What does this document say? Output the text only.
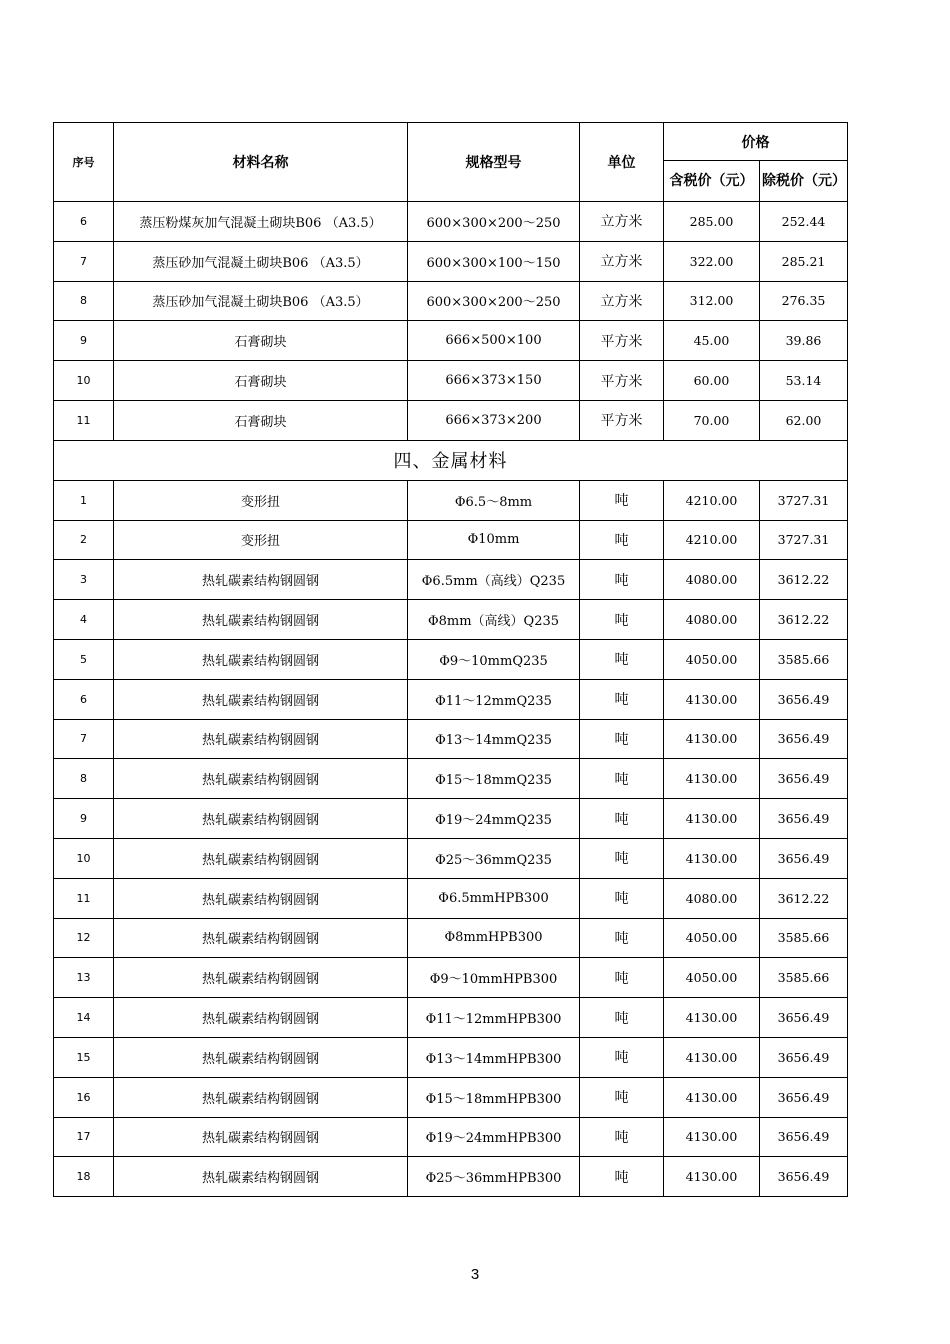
序号	材料名称	规格型号	单位	价格	
				含税价（元）	除税价（元）
6	蒸压粉煤灰加气混凝土砌块B06 （A3.5）	600×300×200～250	立方米	285.00	252.44
7	蒸压砂加气混凝土砌块B06 （A3.5）	600×300×100～150	立方米	322.00	285.21
8	蒸压砂加气混凝土砌块B06 （A3.5）	600×300×200～250	立方米	312.00	276.35
9	石膏砌块	666×500×100	平方米	45.00	39.86
10	石膏砌块	666×373×150	平方米	60.00	53.14
11	石膏砌块	666×373×200	平方米	70.00	62.00
四、金属材料					
1	变形扭	Φ6.5～8mm	吨	4210.00	3727.31
2	变形扭	Φ10mm	吨	4210.00	3727.31
3	热轧碳素结构钢圆钢	Φ6.5mm（高线）Q235	吨	4080.00	3612.22
4	热轧碳素结构钢圆钢	Φ8mm（高线）Q235	吨	4080.00	3612.22
5	热轧碳素结构钢圆钢	Φ9～10mmQ235	吨	4050.00	3585.66
6	热轧碳素结构钢圆钢	Φ11～12mmQ235	吨	4130.00	3656.49
7	热轧碳素结构钢圆钢	Φ13～14mmQ235	吨	4130.00	3656.49
8	热轧碳素结构钢圆钢	Φ15～18mmQ235	吨	4130.00	3656.49
9	热轧碳素结构钢圆钢	Φ19～24mmQ235	吨	4130.00	3656.49
10	热轧碳素结构钢圆钢	Φ25～36mmQ235	吨	4130.00	3656.49
11	热轧碳素结构钢圆钢	Φ6.5mmHPB300	吨	4080.00	3612.22
12	热轧碳素结构钢圆钢	Φ8mmHPB300	吨	4050.00	3585.66
13	热轧碳素结构钢圆钢	Φ9～10mmHPB300	吨	4050.00	3585.66
14	热轧碳素结构钢圆钢	Φ11～12mmHPB300	吨	4130.00	3656.49
15	热轧碳素结构钢圆钢	Φ13～14mmHPB300	吨	4130.00	3656.49
16	热轧碳素结构钢圆钢	Φ15～18mmHPB300	吨	4130.00	3656.49
17	热轧碳素结构钢圆钢	Φ19～24mmHPB300	吨	4130.00	3656.49
18	热轧碳素结构钢圆钢	Φ25～36mmHPB300	吨	4130.00	3656.49
3
